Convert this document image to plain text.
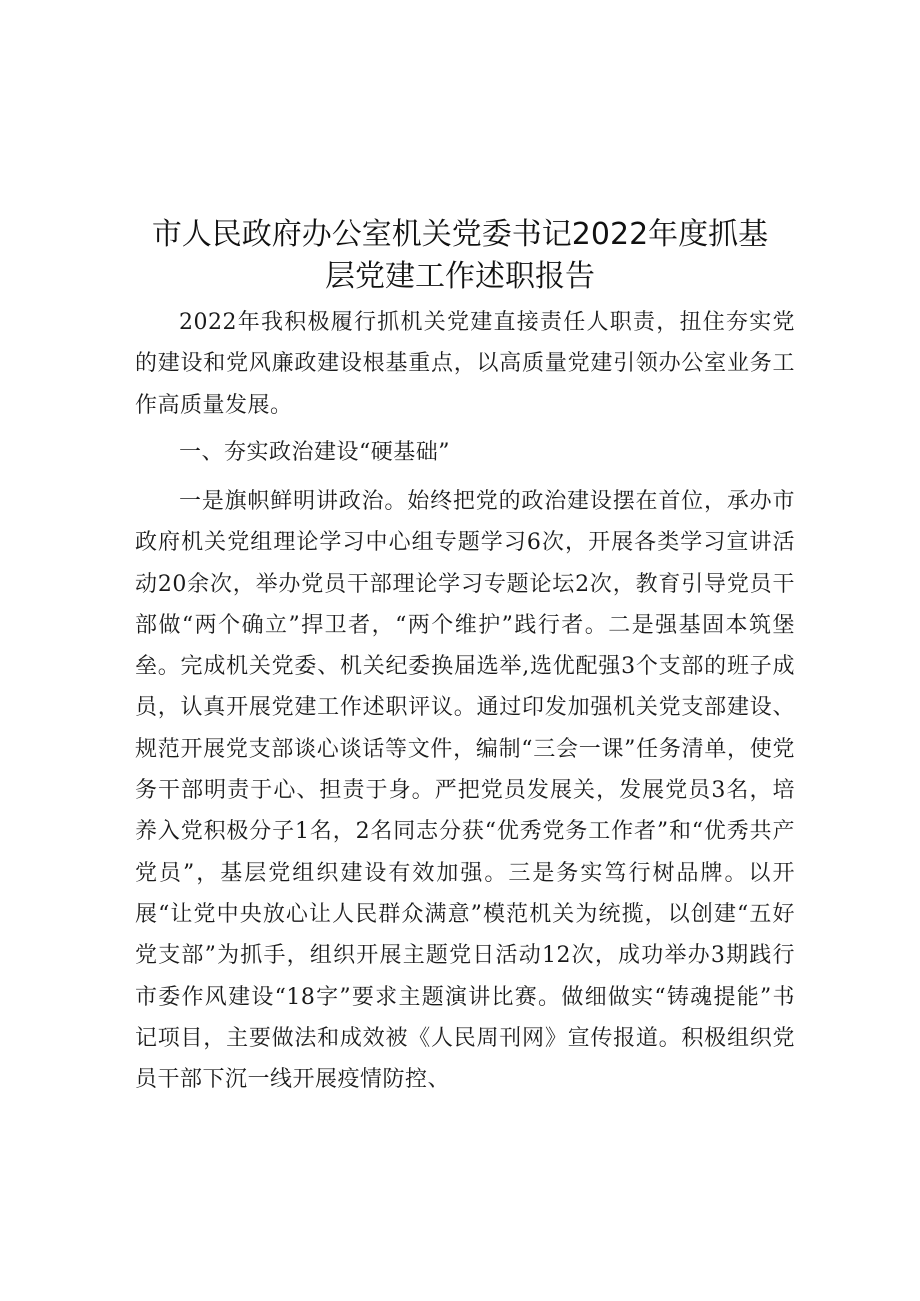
市人民政府办公室机关党委书记2022年度抓基
层党建工作述职报告

2022年我积极履行抓机关党建直接责任人职责，扭住夯实党的建设和党风廉政建设根基重点，以高质量党建引领办公室业务工作高质量发展。

一、夯实政治建设“硬基础”

一是旗帜鲜明讲政治。始终把党的政治建设摆在首位，承办市政府机关党组理论学习中心组专题学习6次，开展各类学习宣讲活动20余次，举办党员干部理论学习专题论坛2次，教育引导党员干部做“两个确立”捍卫者，“两个维护”践行者。二是强基固本筑堡垒。完成机关党委、机关纪委换届选举,选优配强3个支部的班子成员，认真开展党建工作述职评议。通过印发加强机关党支部建设、规范开展党支部谈心谈话等文件，编制“三会一课”任务清单，使党务干部明责于心、担责于身。严把党员发展关，发展党员3名，培养入党积极分子1名，2名同志分获“优秀党务工作者”和“优秀共产党员”，基层党组织建设有效加强。三是务实笃行树品牌。以开展“让党中央放心让人民群众满意”模范机关为统揽，以创建“五好党支部”为抓手，组织开展主题党日活动12次，成功举办3期践行市委作风建设“18字”要求主题演讲比赛。做细做实“铸魂提能”书记项目，主要做法和成效被《人民周刊网》宣传报道。积极组织党员干部下沉一线开展疫情防控、
